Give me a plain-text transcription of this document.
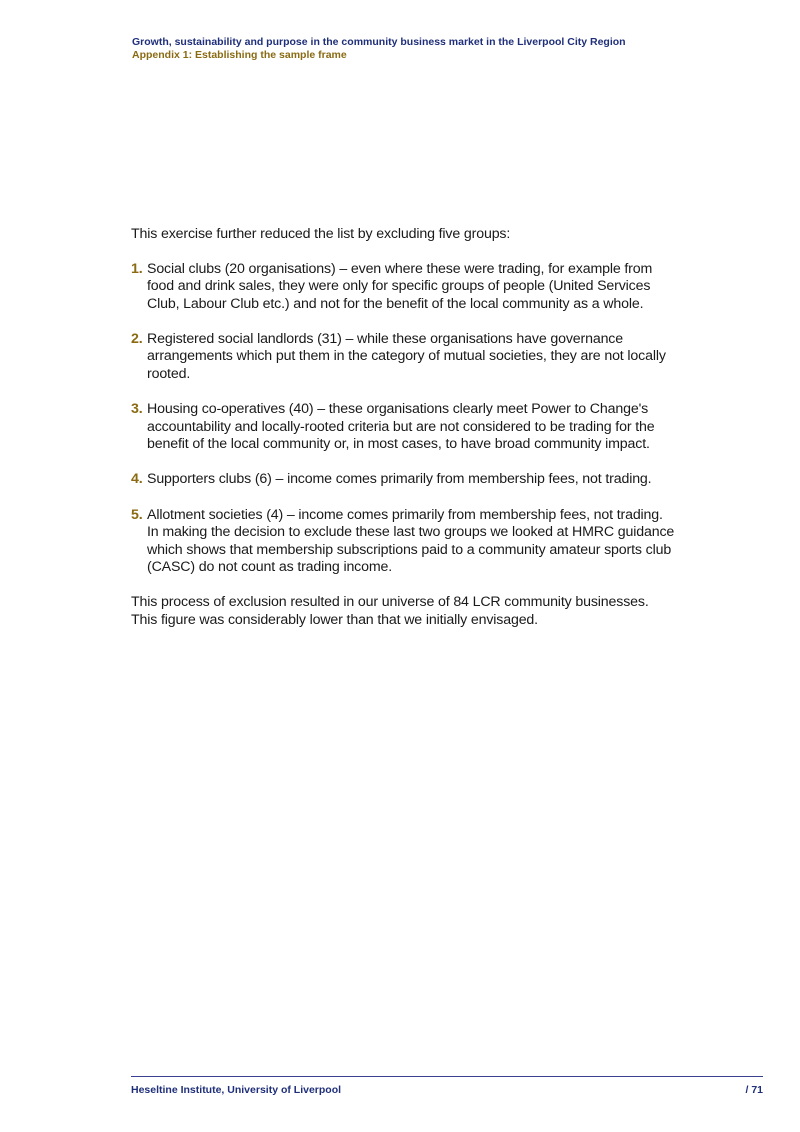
Growth, sustainability and purpose in the community business market in the Liverpool City Region
Appendix 1: Establishing the sample frame

This exercise further reduced the list by excluding five groups:

1. Social clubs (20 organisations) – even where these were trading, for example from food and drink sales, they were only for specific groups of people (United Services Club, Labour Club etc.) and not for the benefit of the local community as a whole.
2. Registered social landlords (31) – while these organisations have governance arrangements which put them in the category of mutual societies, they are not locally rooted.
3. Housing co-operatives (40) – these organisations clearly meet Power to Change's accountability and locally-rooted criteria but are not considered to be trading for the benefit of the local community or, in most cases, to have broad community impact.
4. Supporters clubs (6) – income comes primarily from membership fees, not trading.
5. Allotment societies (4) – income comes primarily from membership fees, not trading. In making the decision to exclude these last two groups we looked at HMRC guidance which shows that membership subscriptions paid to a community amateur sports club (CASC) do not count as trading income.

This process of exclusion resulted in our universe of 84 LCR community businesses. This figure was considerably lower than that we initially envisaged.

Heseltine Institute, University of Liverpool	/ 71
